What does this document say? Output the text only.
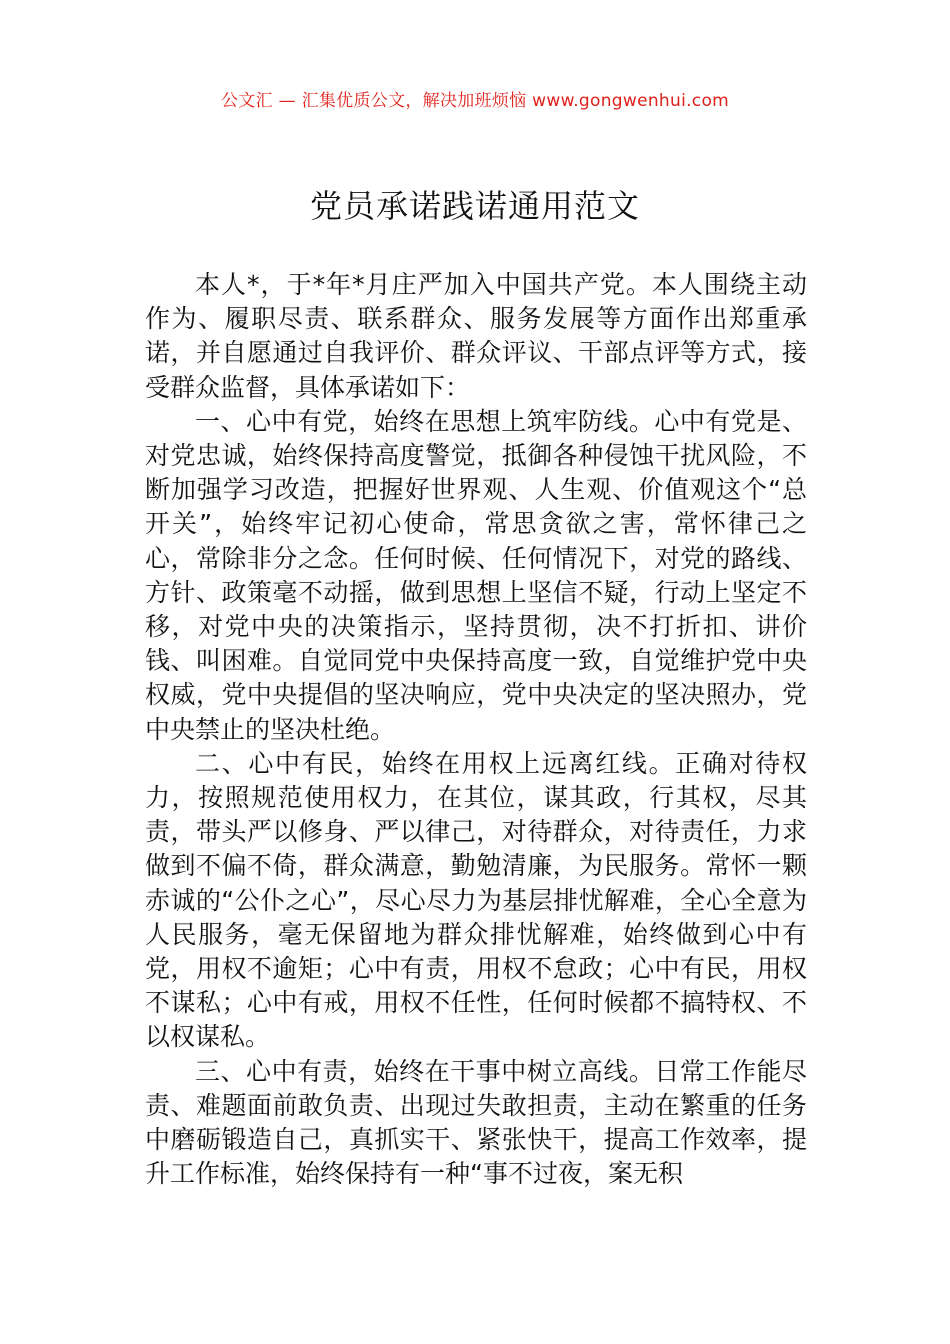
公文汇 — 汇集优质公文，解决加班烦恼 www.gongwenhui.com
党员承诺践诺通用范文

本人*，于*年*月庄严加入中国共产党。本人围绕主动作为、履职尽责、联系群众、服务发展等方面作出郑重承诺，并自愿通过自我评价、群众评议、干部点评等方式，接受群众监督，具体承诺如下：

一、心中有党，始终在思想上筑牢防线。心中有党是、对党忠诚，始终保持高度警觉，抵御各种侵蚀干扰风险，不断加强学习改造，把握好世界观、人生观、价值观这个“总开关”，始终牢记初心使命，常思贪欲之害，常怀律己之心，常除非分之念。任何时候、任何情况下，对党的路线、方针、政策毫不动摇，做到思想上坚信不疑，行动上坚定不移，对党中央的决策指示，坚持贯彻，决不打折扣、讲价钱、叫困难。自觉同党中央保持高度一致，自觉维护党中央权威，党中央提倡的坚决响应，党中央决定的坚决照办，党中央禁止的坚决杜绝。

二、心中有民，始终在用权上远离红线。正确对待权力，按照规范使用权力，在其位，谋其政，行其权，尽其责，带头严以修身、严以律己，对待群众，对待责任，力求做到不偏不倚，群众满意，勤勉清廉，为民服务。常怀一颗赤诚的“公仆之心”，尽心尽力为基层排忧解难，全心全意为人民服务，毫无保留地为群众排忧解难，始终做到心中有党，用权不逾矩；心中有责，用权不怠政；心中有民，用权不谋私；心中有戒，用权不任性，任何时候都不搞特权、不以权谋私。

三、心中有责，始终在干事中树立高线。日常工作能尽责、难题面前敢负责、出现过失敢担责，主动在繁重的任务中磨砺锻造自己，真抓实干、紧张快干，提高工作效率，提升工作标准，始终保持有一种“事不过夜，案无积
